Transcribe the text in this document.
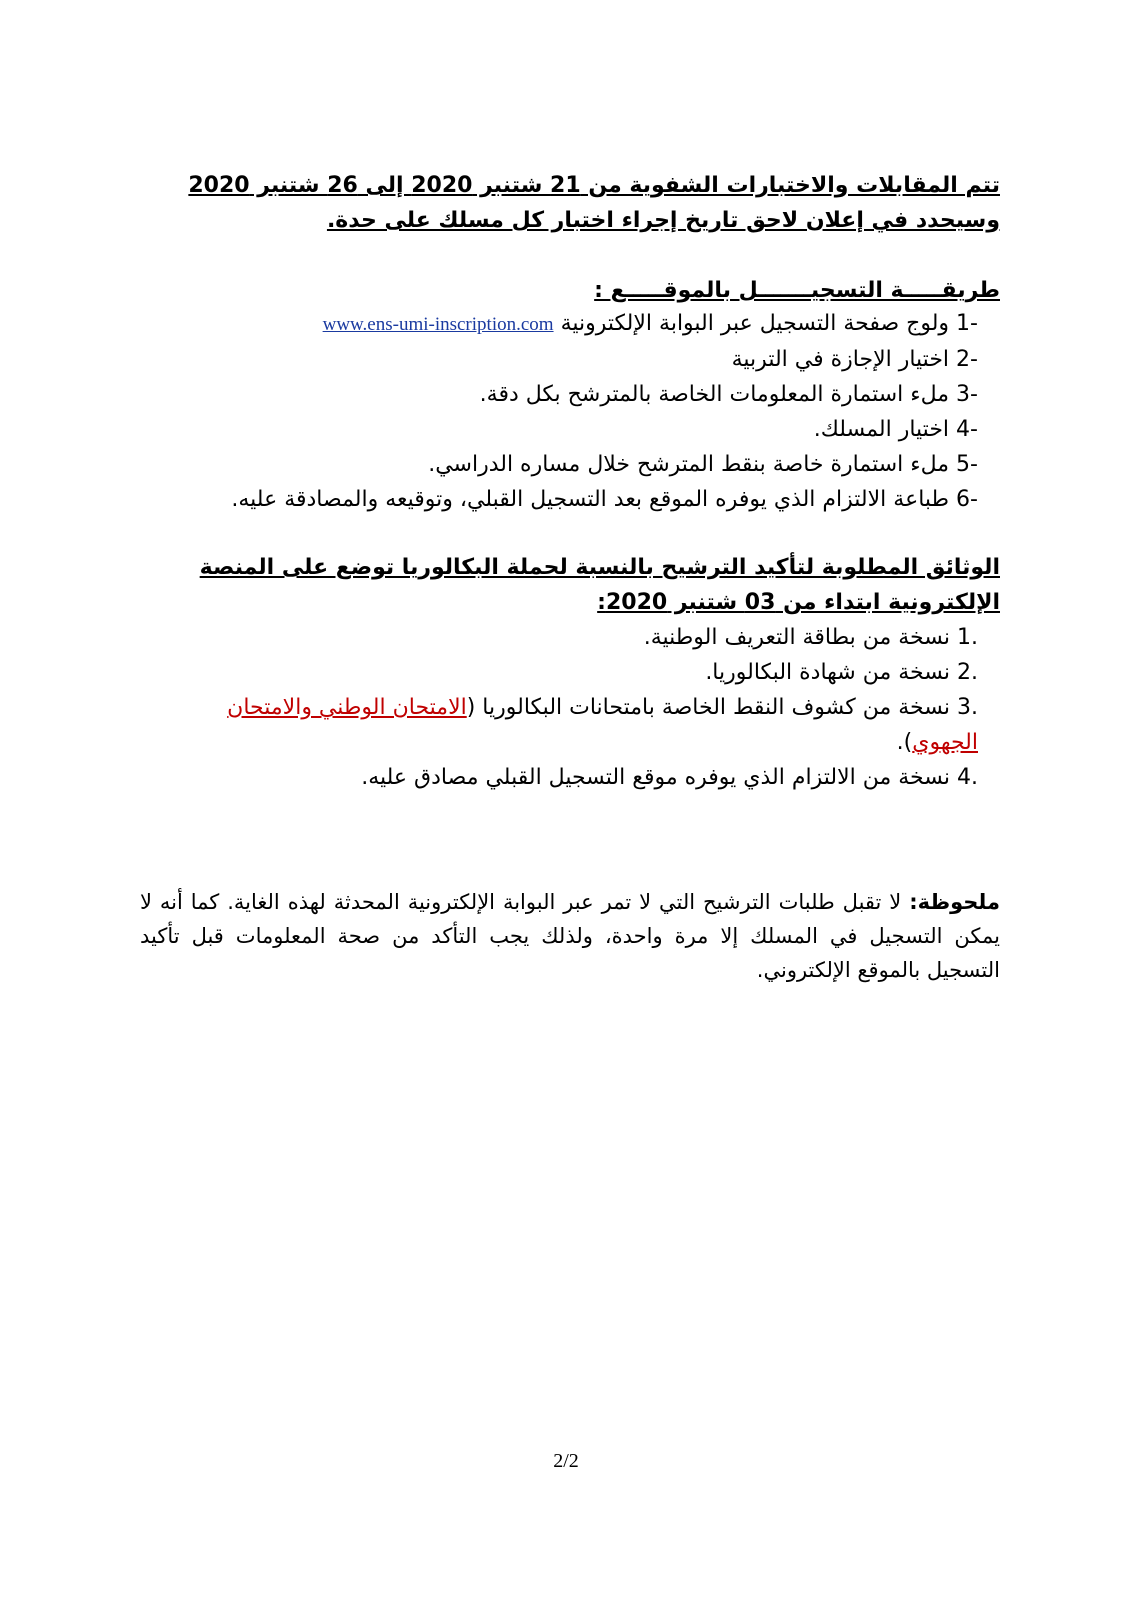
تتم المقابلات والاختبارات الشفوية من 21 شتنبر 2020 إلى 26 شتنبر 2020 وسيحدد في إعلان لاحق تاريخ إجراء اختبار كل مسلك على حدة.
طريقـــــة التسجيـــــــل بالموقـــــع :
-1 ولوج صفحة التسجيل عبر البوابة الإلكترونية www.ens-umi-inscription.com
-2 اختيار الإجازة في التربية
-3 ملء استمارة المعلومات الخاصة بالمترشح بكل دقة.
-4 اختيار المسلك.
-5 ملء استمارة خاصة بنقط المترشح خلال مساره الدراسي.
-6 طباعة الالتزام الذي يوفره الموقع بعد التسجيل القبلي، وتوقيعه والمصادقة عليه.
الوثائق المطلوبة لتأكيد الترشيح بالنسبة لحملة البكالوريا توضع على المنصة الإلكترونية ابتداء من 03 شتنبر 2020:
.1 نسخة من بطاقة التعريف الوطنية.
.2 نسخة من شهادة البكالوريا.
.3 نسخة من كشوف النقط الخاصة بامتحانات البكالوريا (الامتحان الوطني والامتحان الجهوي).
.4 نسخة من الالتزام الذي يوفره موقع التسجيل القبلي مصادق عليه.
ملحوظة: لا تقبل طلبات الترشيح التي لا تمر عبر البوابة الإلكترونية المحدثة لهذه الغاية. كما أنه لا يمكن التسجيل في المسلك إلا مرة واحدة، ولذلك يجب التأكد من صحة المعلومات قبل تأكيد التسجيل بالموقع الإلكتروني.
2/2
